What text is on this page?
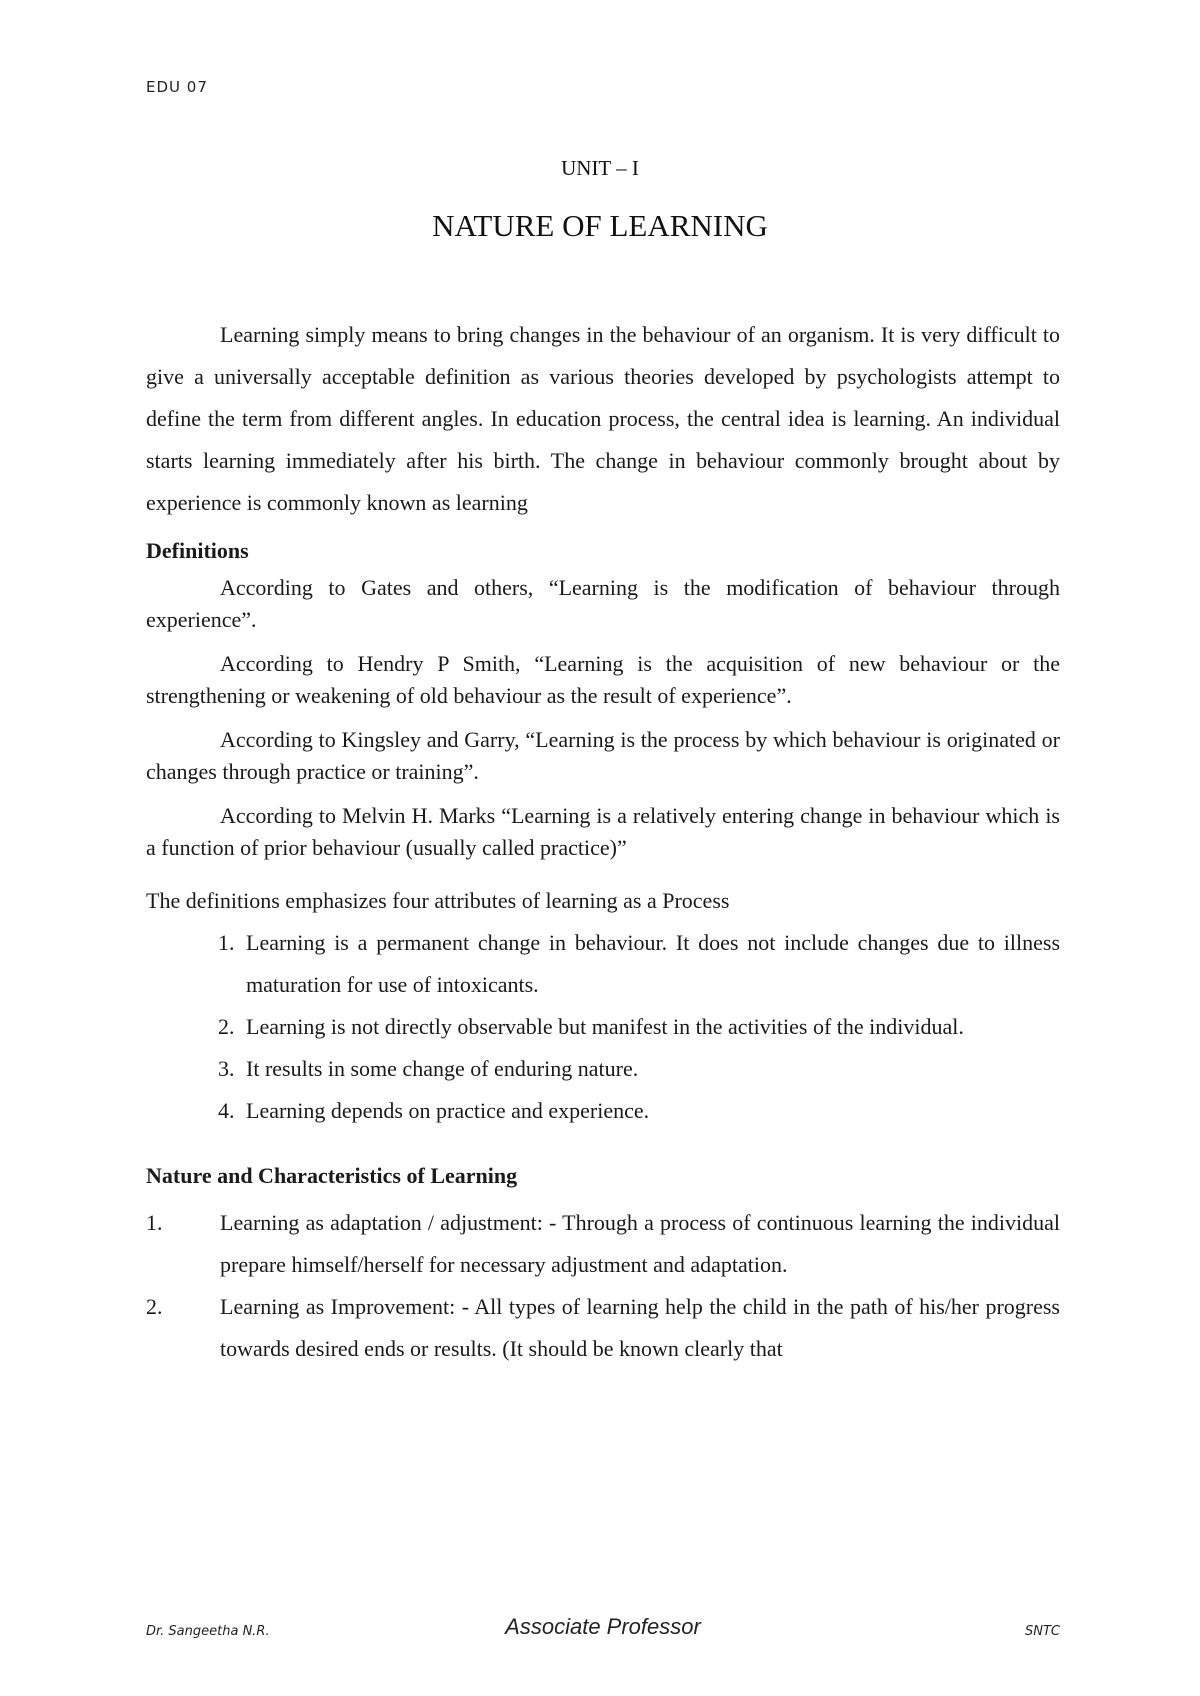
EDU 07
UNIT – I
NATURE OF LEARNING

Learning simply means to bring changes in the behaviour of an organism. It is very difficult to give a universally acceptable definition as various theories developed by psychologists attempt to define the term from different angles. In education process, the central idea is learning. An individual starts learning immediately after his birth. The change in behaviour commonly brought about by experience is commonly known as learning

Definitions

According to Gates and others, “Learning is the modification of behaviour through experience”.

According to Hendry P Smith, “Learning is the acquisition of new behaviour or the strengthening or weakening of old behaviour as the result of experience”.

According to Kingsley and Garry, “Learning is the process by which behaviour is originated or changes through practice or training”.

According to Melvin H. Marks “Learning is a relatively entering change in behaviour which is a function of prior behaviour (usually called practice)”

The definitions emphasizes four attributes of learning as a Process
1. Learning is a permanent change in behaviour. It does not include changes due to illness maturation for use of intoxicants.
2. Learning is not directly observable but manifest in the activities of the individual.
3. It results in some change of enduring nature.
4. Learning depends on practice and experience.
Nature and Characteristics of Learning
1.	Learning as adaptation / adjustment: - Through a process of continuous learning the individual prepare himself/herself for necessary adjustment and adaptation.
2.	Learning as Improvement: - All types of learning help the child in the path of his/her progress towards desired ends or results. (It should be known clearly that
Dr. Sangeetha N.R.	Associate Professor	SNTC
